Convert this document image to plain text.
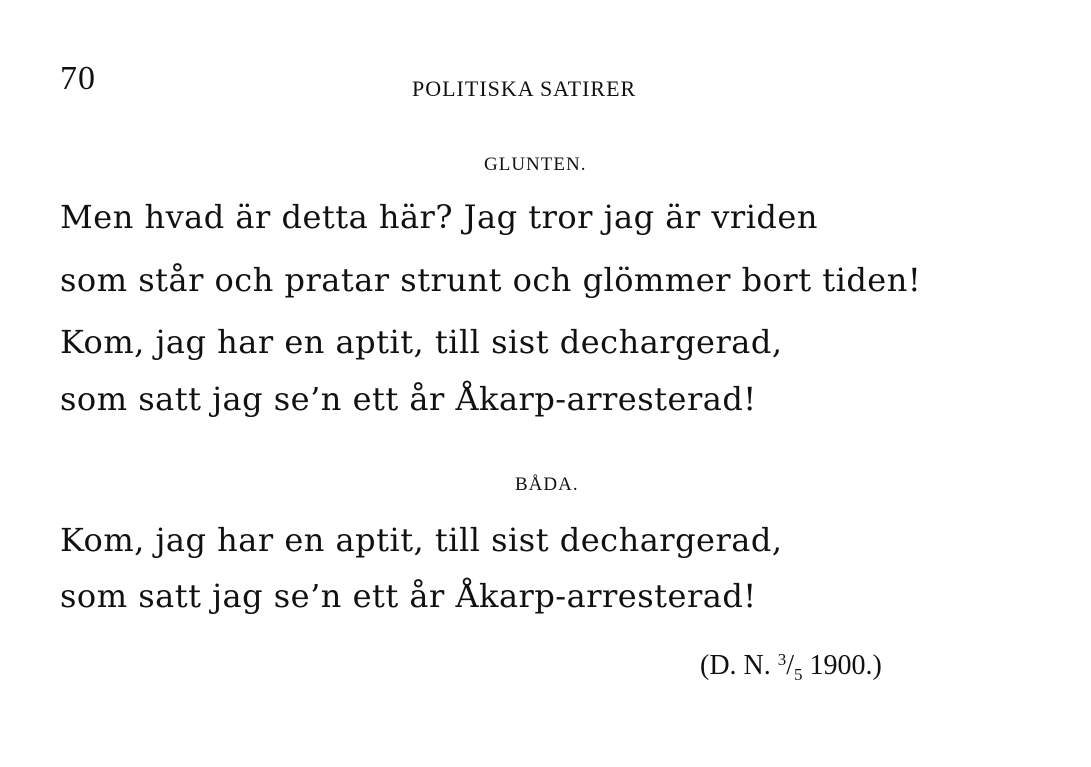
70	POLITISKA SATIRER
GLUNTEN.
Men hvad är detta här? Jag tror jag är vriden
som står och pratar strunt och glömmer bort tiden!
Kom, jag har en aptit, till sist dechargerad,
som satt jag se’n ett år Åkarp-arresterad!
BÅDA.
Kom, jag har en aptit, till sist dechargerad,
som satt jag se’n ett år Åkarp-arresterad!
(D. N. $^3/_5$ 1900.)
